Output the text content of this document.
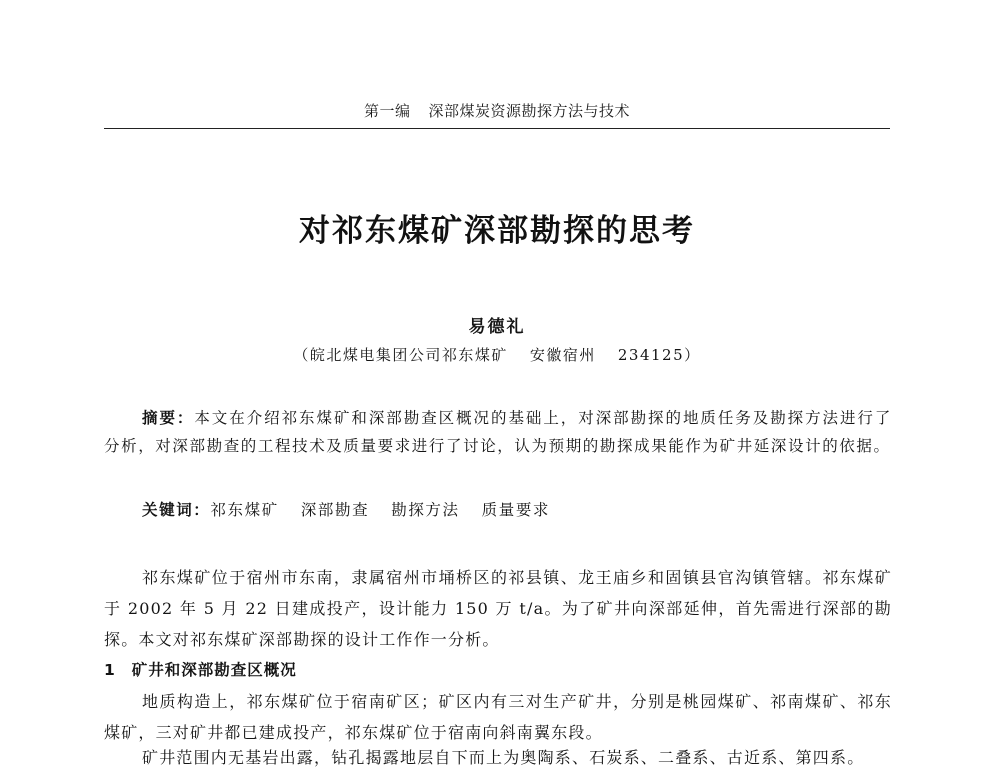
第一编 深部煤炭资源勘探方法与技术
对祁东煤矿深部勘探的思考
易德礼
（皖北煤电集团公司祁东煤矿 安徽宿州 234125）

摘要：本文在介绍祁东煤矿和深部勘查区概况的基础上，对深部勘探的地质任务及勘探方法进行了分析，对深部勘查的工程技术及质量要求进行了讨论，认为预期的勘探成果能作为矿井延深设计的依据。

关键词：祁东煤矿 深部勘查 勘探方法 质量要求

祁东煤矿位于宿州市东南，隶属宿州市埇桥区的祁县镇、龙王庙乡和固镇县官沟镇管辖。祁东煤矿于 2002 年 5 月 22 日建成投产，设计能力 150 万 t/a。为了矿井向深部延伸，首先需进行深部的勘探。本文对祁东煤矿深部勘探的设计工作作一分析。

1 矿井和深部勘查区概况

地质构造上，祁东煤矿位于宿南矿区；矿区内有三对生产矿井，分别是桃园煤矿、祁南煤矿、祁东煤矿，三对矿井都已建成投产，祁东煤矿位于宿南向斜南翼东段。

矿井范围内无基岩出露，钻孔揭露地层自下而上为奥陶系、石炭系、二叠系、古近系、第四系。
